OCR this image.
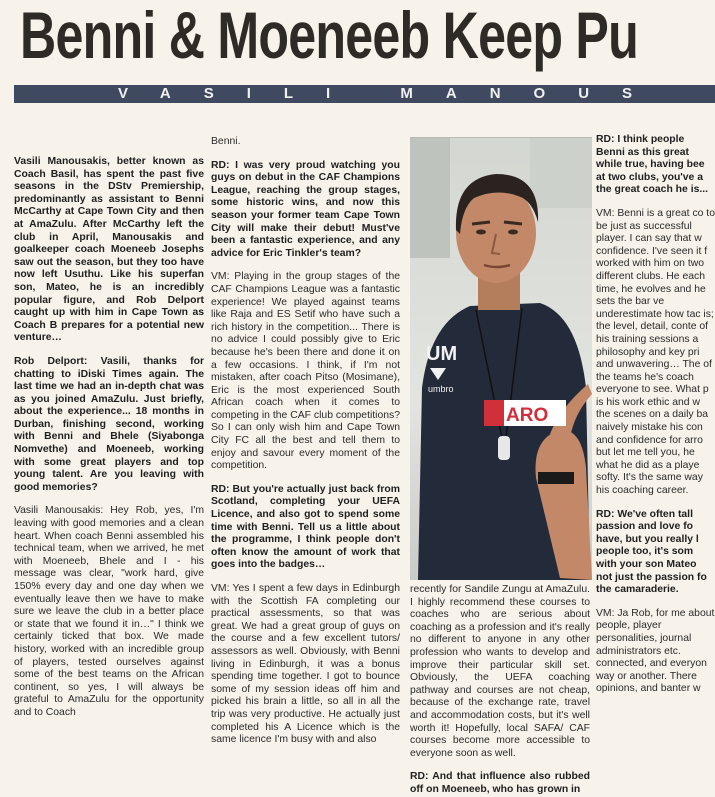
Benni & Moeneeb Keep Pu
VASILI MANOUS

Vasili Manousakis, better known as Coach Basil, has spent the past five seasons in the DStv Premiership, predominantly as assistant to Benni McCarthy at Cape Town City and then at AmaZulu. After McCarthy left the club in April, Manousakis and goalkeeper coach Moeneeb Josephs saw out the season, but they too have now left Usuthu. Like his superfan son, Mateo, he is an incredibly popular figure, and Rob Delport caught up with him in Cape Town as Coach B prepares for a potential new venture…

Rob Delport: Vasili, thanks for chatting to iDiski Times again. The last time we had an in-depth chat was as you joined AmaZulu. Just briefly, about the experience... 18 months in Durban, finishing second, working with Benni and Bhele (Siyabonga Nomvethe) and Moeneeb, working with some great players and top young talent. Are you leaving with good memories?

Vasili Manousakis: Hey Rob, yes, I'm leaving with good memories and a clean heart. When coach Benni assembled his technical team, when we arrived, he met with Moeneeb, Bhele and I - his message was clear, "work hard, give 150% every day and one day when we eventually leave then we have to make sure we leave the club in a better place or state that we found it in…" I think we certainly ticked that box. We made history, worked with an incredible group of players, tested ourselves against some of the best teams on the African continent, so yes, I will always be grateful to AmaZulu for the opportunity and to Coach

Benni.

RD: I was very proud watching you guys on debut in the CAF Champions League, reaching the group stages, some historic wins, and now this season your former team Cape Town City will make their debut! Must've been a fantastic experience, and any advice for Eric Tinkler's team?

VM: Playing in the group stages of the CAF Champions League was a fantastic experience! We played against teams like Raja and ES Setif who have such a rich history in the competition... There is no advice I could possibly give to Eric because he's been there and done it on a few occasions. I think, if I'm not mistaken, after coach Pitso (Mosimane), Eric is the most experienced South African coach when it comes to competing in the CAF club competitions? So I can only wish him and Cape Town City FC all the best and tell them to enjoy and savour every moment of the competition.

RD: But you're actually just back from Scotland, completing your UEFA Licence, and also got to spend some time with Benni. Tell us a little about the programme, I think people don't often know the amount of work that goes into the badges…

VM: Yes I spent a few days in Edinburgh with the Scottish FA completing our practical assessments, so that was great. We had a great group of guys on the course and a few excellent tutors/ assessors as well. Obviously, with Benni living in Edinburgh, it was a bonus spending time together. I got to bounce some of my session ideas off him and picked his brain a little, so all in all the trip was very productive. He actually just completed his A Licence which is the same licence I'm busy with and also

ARO
UM
umbro

recently for Sandile Zungu at AmaZulu. I highly recommend these courses to coaches who are serious about coaching as a profession and it's really no different to anyone in any other profession who wants to develop and improve their particular skill set. Obviously, the UEFA coaching pathway and courses are not cheap, because of the exchange rate, travel and accommodation costs, but it's well worth it! Hopefully, local SAFA/ CAF courses become more accessible to everyone soon as well.

RD: And that influence also rubbed off on Moeneeb, who has grown in

RD: I think people Benni as this great while true, having bee at two clubs, you've a the great coach he is...

VM: Benni is a great co to be just as successful player. I can say that w confidence. I've seen it f worked with him on two different clubs. He each time, he evolves and he sets the bar ve underestimate how tac is; the level, detail, conte of his training sessions a philosophy and key pri and unwavering… The of the teams he's coach everyone to see. What p is his work ethic and w the scenes on a daily ba naively mistake his con and confidence for arro but let me tell you, he what he did as a playe softy. It's the same way his coaching career.

RD: We've often tall passion and love fo have, but you really l people too, it's som with your son Mateo not just the passion fo the camaraderie.

VM: Ja Rob, for me about people, player personalities, journal administrators etc. connected, and everyon way or another. There opinions, and banter w
